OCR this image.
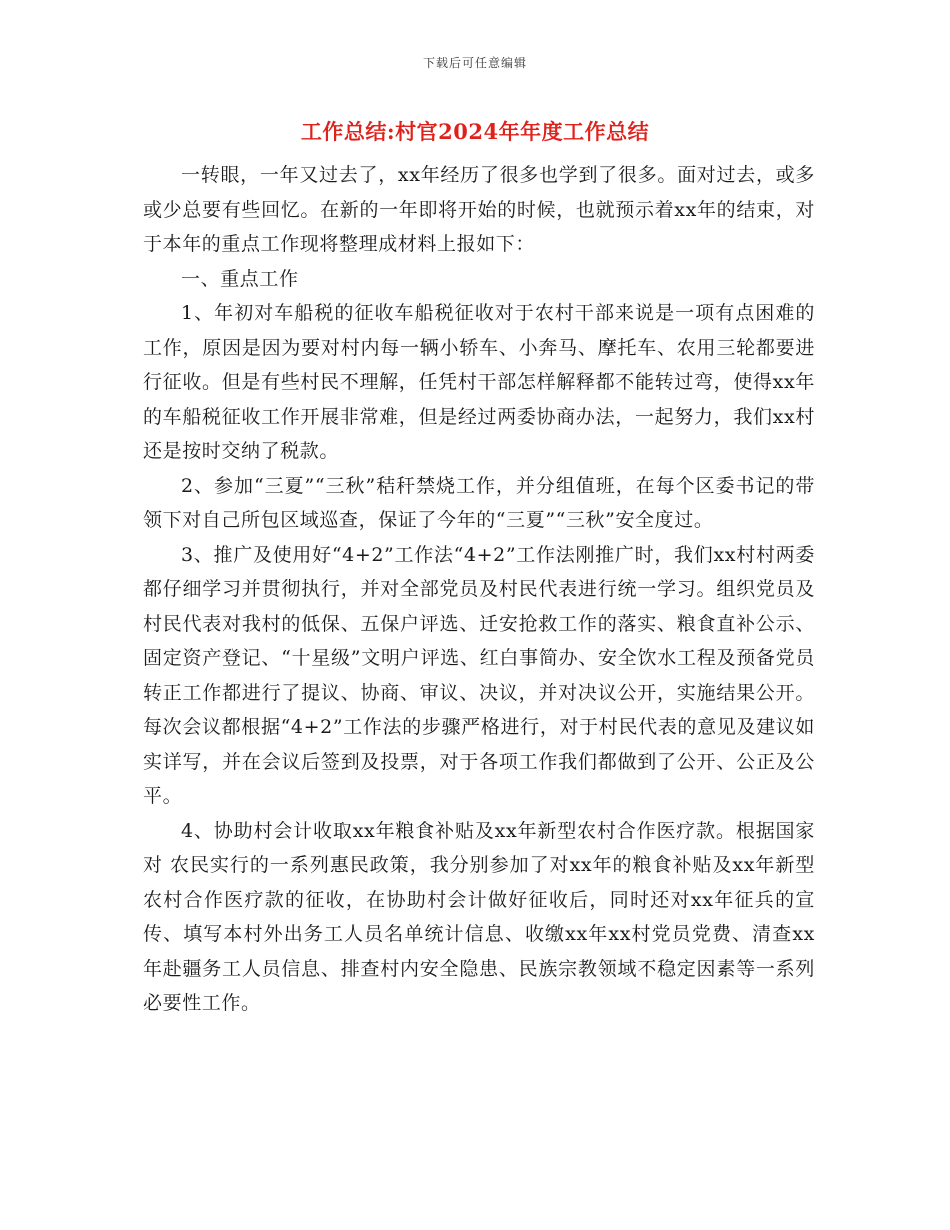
下载后可任意编辑
工作总结:村官2024年年度工作总结

一转眼，一年又过去了，xx年经历了很多也学到了很多。面对过去，或多或少总要有些回忆。在新的一年即将开始的时候，也就预示着xx年的结束，对于本年的重点工作现将整理成材料上报如下：

一、重点工作

1、年初对车船税的征收车船税征收对于农村干部来说是一项有点困难的工作，原因是因为要对村内每一辆小轿车、小奔马、摩托车、农用三轮都要进行征收。但是有些村民不理解，任凭村干部怎样解释都不能转过弯，使得xx年的车船税征收工作开展非常难，但是经过两委协商办法，一起努力，我们xx村还是按时交纳了税款。

2、参加“三夏”“三秋”秸秆禁烧工作，并分组值班，在每个区委书记的带领下对自己所包区域巡查，保证了今年的“三夏”“三秋”安全度过。

3、推广及使用好“4+2”工作法“4+2”工作法刚推广时，我们xx村村两委都仔细学习并贯彻执行，并对全部党员及村民代表进行统一学习。组织党员及村民代表对我村的低保、五保户评选、迁安抢救工作的落实、粮食直补公示、固定资产登记、“十星级”文明户评选、红白事简办、安全饮水工程及预备党员转正工作都进行了提议、协商、审议、决议，并对决议公开，实施结果公开。每次会议都根据“4+2”工作法的步骤严格进行，对于村民代表的意见及建议如实详写，并在会议后签到及投票，对于各项工作我们都做到了公开、公正及公平。

4、协助村会计收取xx年粮食补贴及xx年新型农村合作医疗款。根据国家对 农民实行的一系列惠民政策，我分别参加了对xx年的粮食补贴及xx年新型农村合作医疗款的征收，在协助村会计做好征收后，同时还对xx年征兵的宣传、填写本村外出务工人员名单统计信息、收缴xx年xx村党员党费、清查xx年赴疆务工人员信息、排查村内安全隐患、民族宗教领域不稳定因素等一系列必要性工作。
